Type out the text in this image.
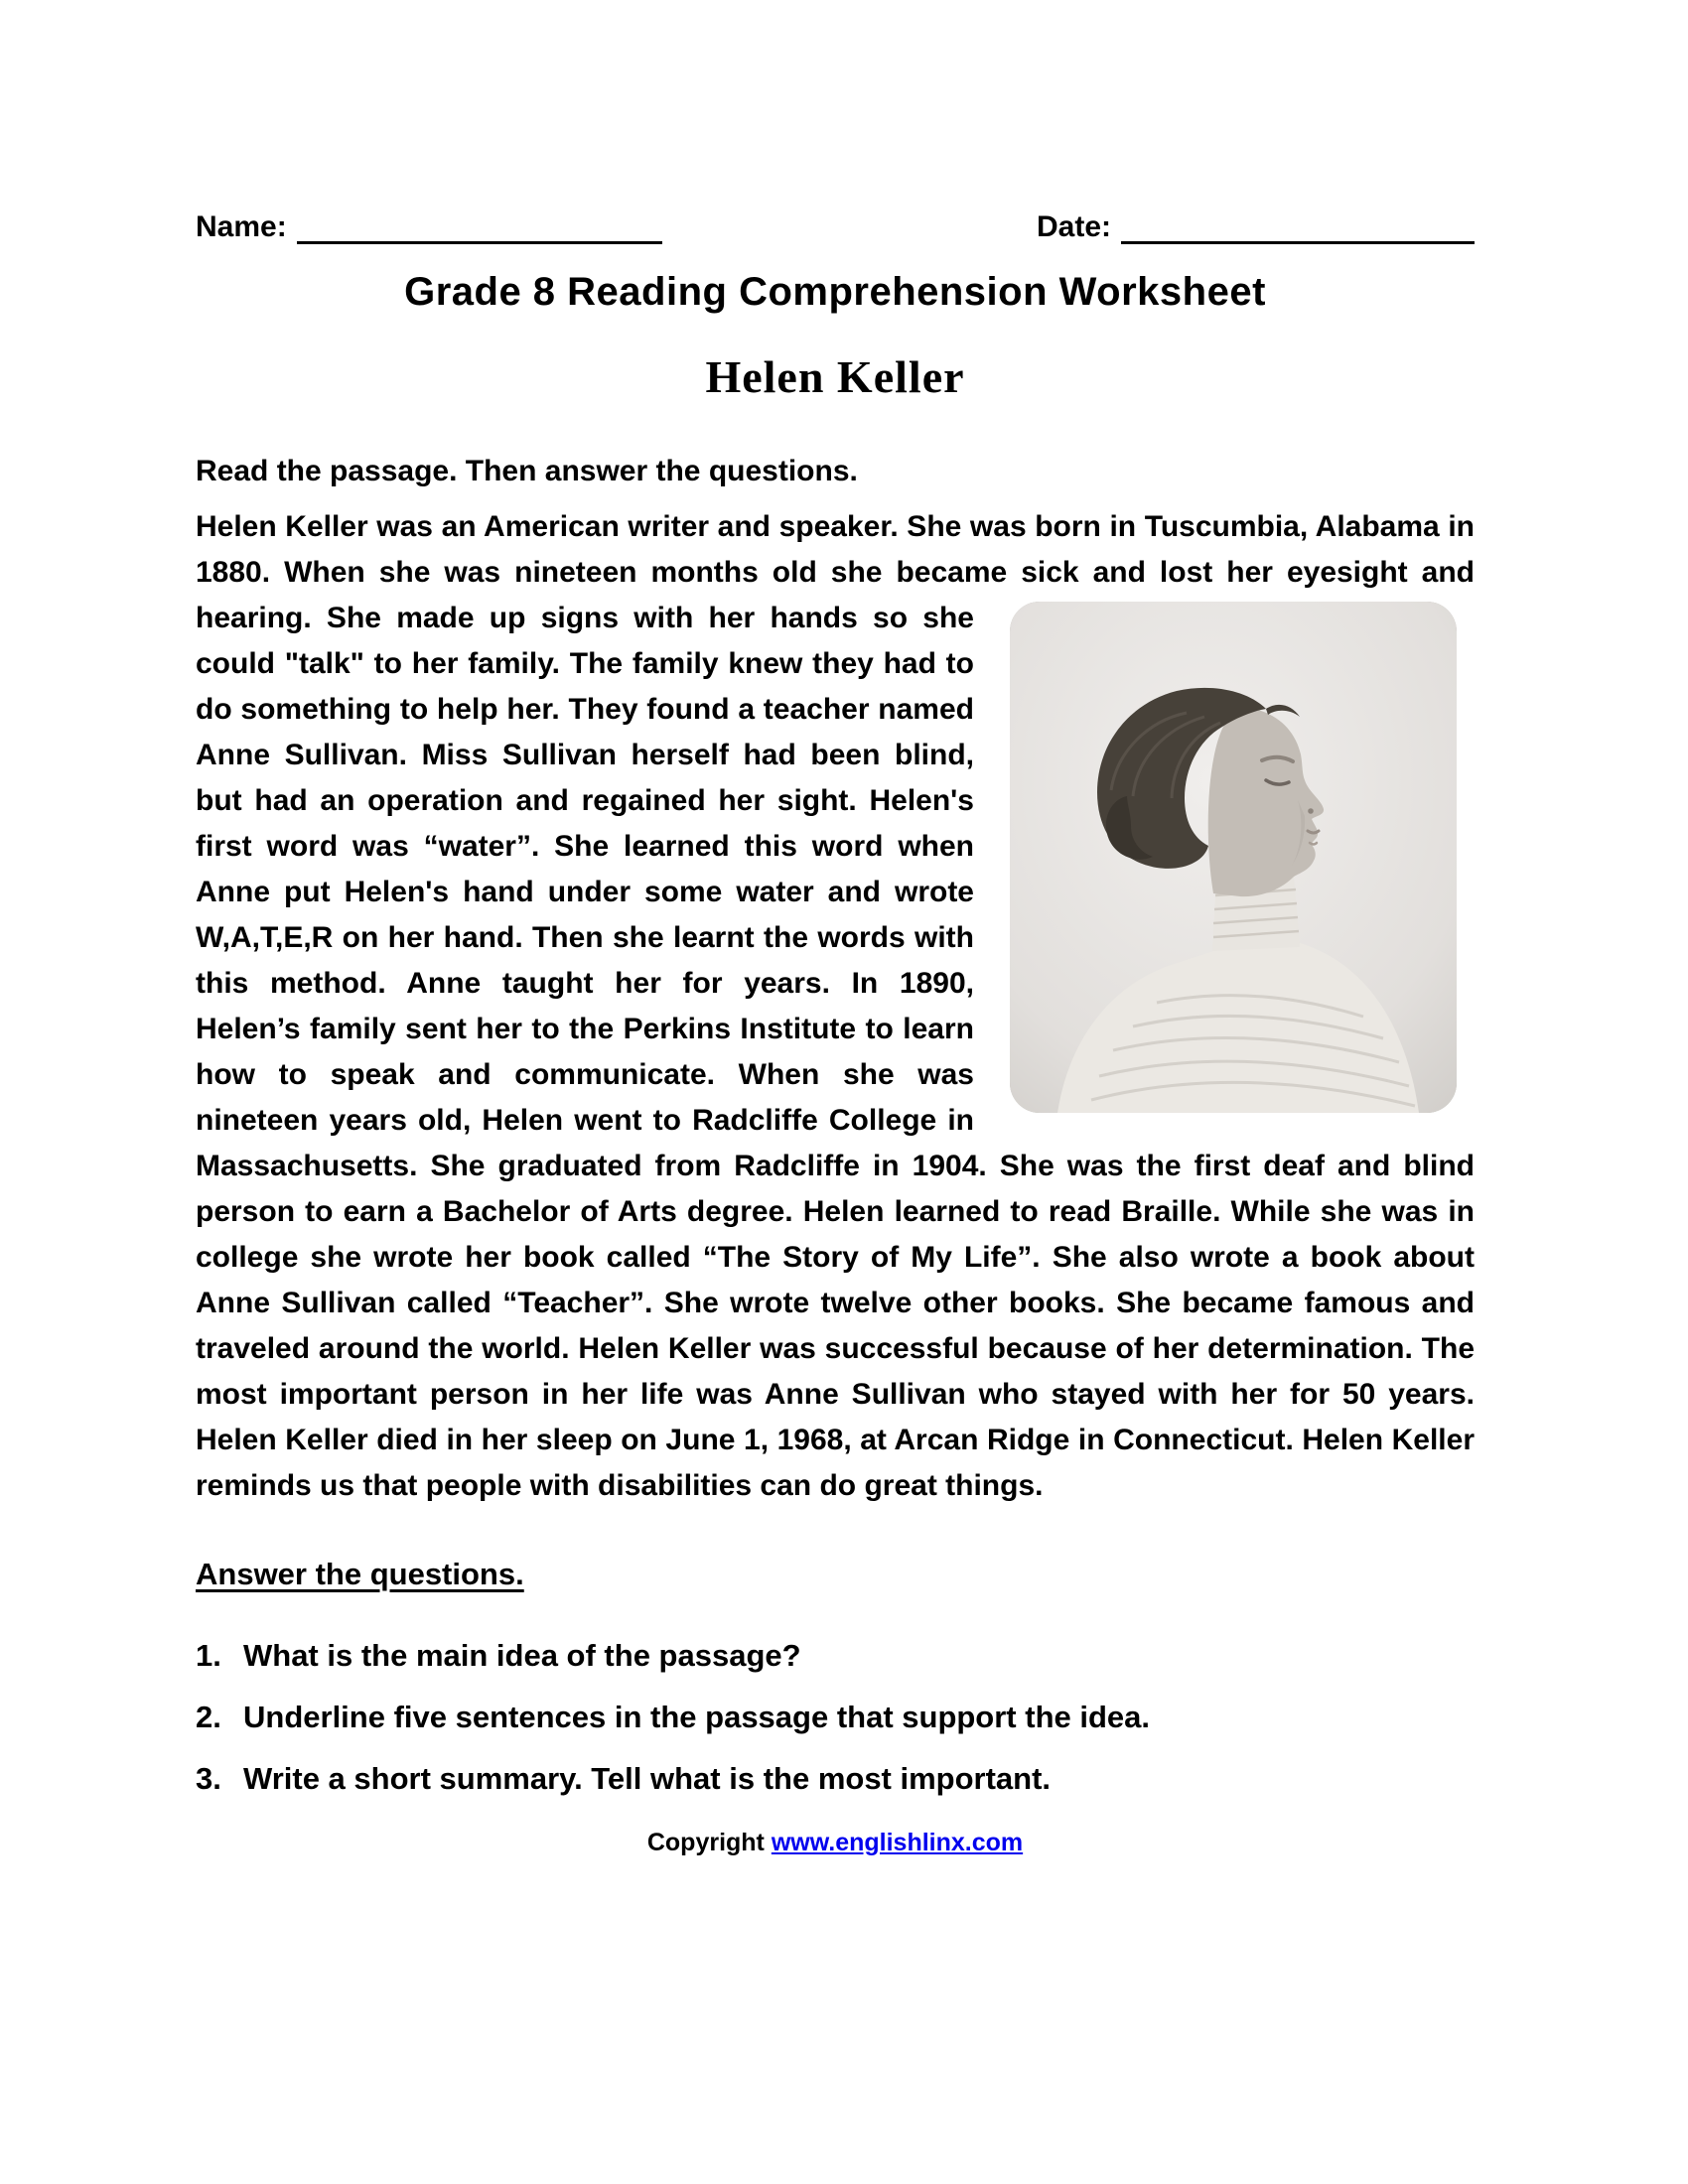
Name:	Date:
Grade 8 Reading Comprehension Worksheet
Helen Keller

Read the passage. Then answer the questions.

Helen Keller was an American writer and speaker. She was born in Tuscumbia, Alabama in 1880. When she was nineteen months old she became sick and lost
her eyesight and hearing. She made up signs with her hands so she could "talk" to her family. The family knew they had to do something to help her. They found a teacher named Anne Sullivan. Miss Sullivan herself had been blind, but had an operation and regained her sight. Helen's first word was “water”. She learned this word when Anne put Helen's hand under some water and wrote W,A,T,E,R on her hand. Then she learnt the words with this method. Anne taught her for years. In 1890, Helen’s family sent her to the Perkins Institute to learn how to speak and communicate. When she was nineteen years old, Helen went to Radcliffe College in Massachusetts. She graduated from Radcliffe in 1904. She was the first deaf and blind person to earn a Bachelor of Arts degree. Helen learned to read Braille. While she was in college she wrote her book called “The Story of My Life”. She also wrote a book about Anne Sullivan called “Teacher”. She wrote twelve other books. She became famous and traveled around the world. Helen Keller was successful because of her determination. The most important person in her life was Anne Sullivan who stayed with her for 50 years. Helen Keller died in her sleep on June 1, 1968, at Arcan Ridge in Connecticut. Helen Keller reminds us that people with disabilities can do great things.

Answer the questions.

1. What is the main idea of the passage?
2. Underline five sentences in the passage that support the idea.
3. Write a short summary. Tell what is the most important.
Copyright www.englishlinx.com
